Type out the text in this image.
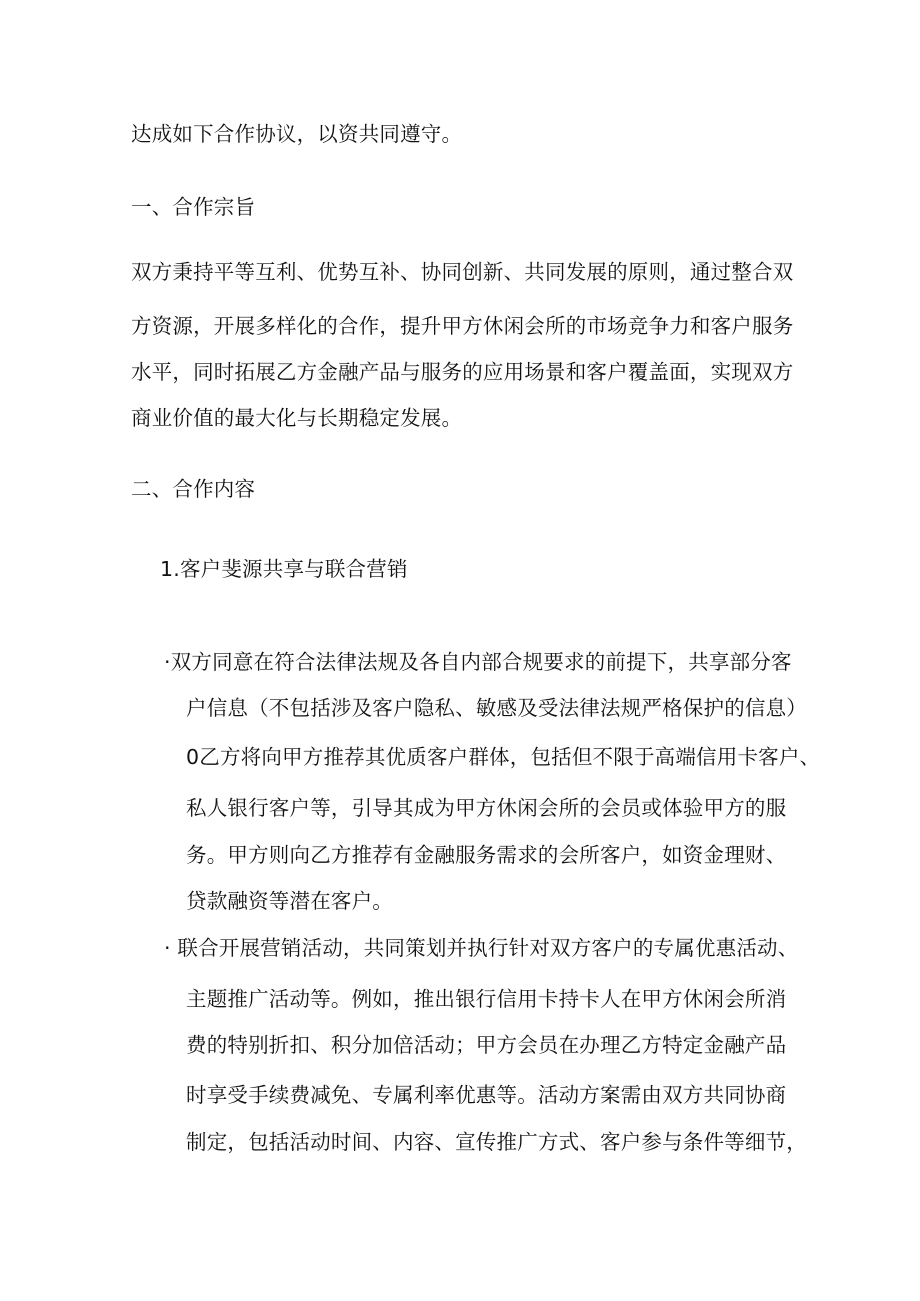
达成如下合作协议，以资共同遵守。
一、合作宗旨
双方秉持平等互利、优势互补、协同创新、共同发展的原则，通过整合双
方资源，开展多样化的合作，提升甲方休闲会所的市场竞争力和客户服务
水平，同时拓展乙方金融产品与服务的应用场景和客户覆盖面，实现双方
商业价值的最大化与长期稳定发展。
二、合作内容
1.客户斐源共享与联合营销
·双方同意在符合法律法规及各自内部合规要求的前提下，共享部分客
户信息（不包括涉及客户隐私、敏感及受法律法规严格保护的信息）
0乙方将向甲方推荐其优质客户群体，包括但不限于高端信用卡客户、
私人银行客户等，引导其成为甲方休闲会所的会员或体验甲方的服
务。甲方则向乙方推荐有金融服务需求的会所客户，如资金理财、
贷款融资等潜在客户。
· 联合开展营销活动，共同策划并执行针对双方客户的专属优惠活动、
主题推广活动等。例如，推出银行信用卡持卡人在甲方休闲会所消
费的特别折扣、积分加倍活动；甲方会员在办理乙方特定金融产品
时享受手续费减免、专属利率优惠等。活动方案需由双方共同协商
制定，包括活动时间、内容、宣传推广方式、客户参与条件等细节，
